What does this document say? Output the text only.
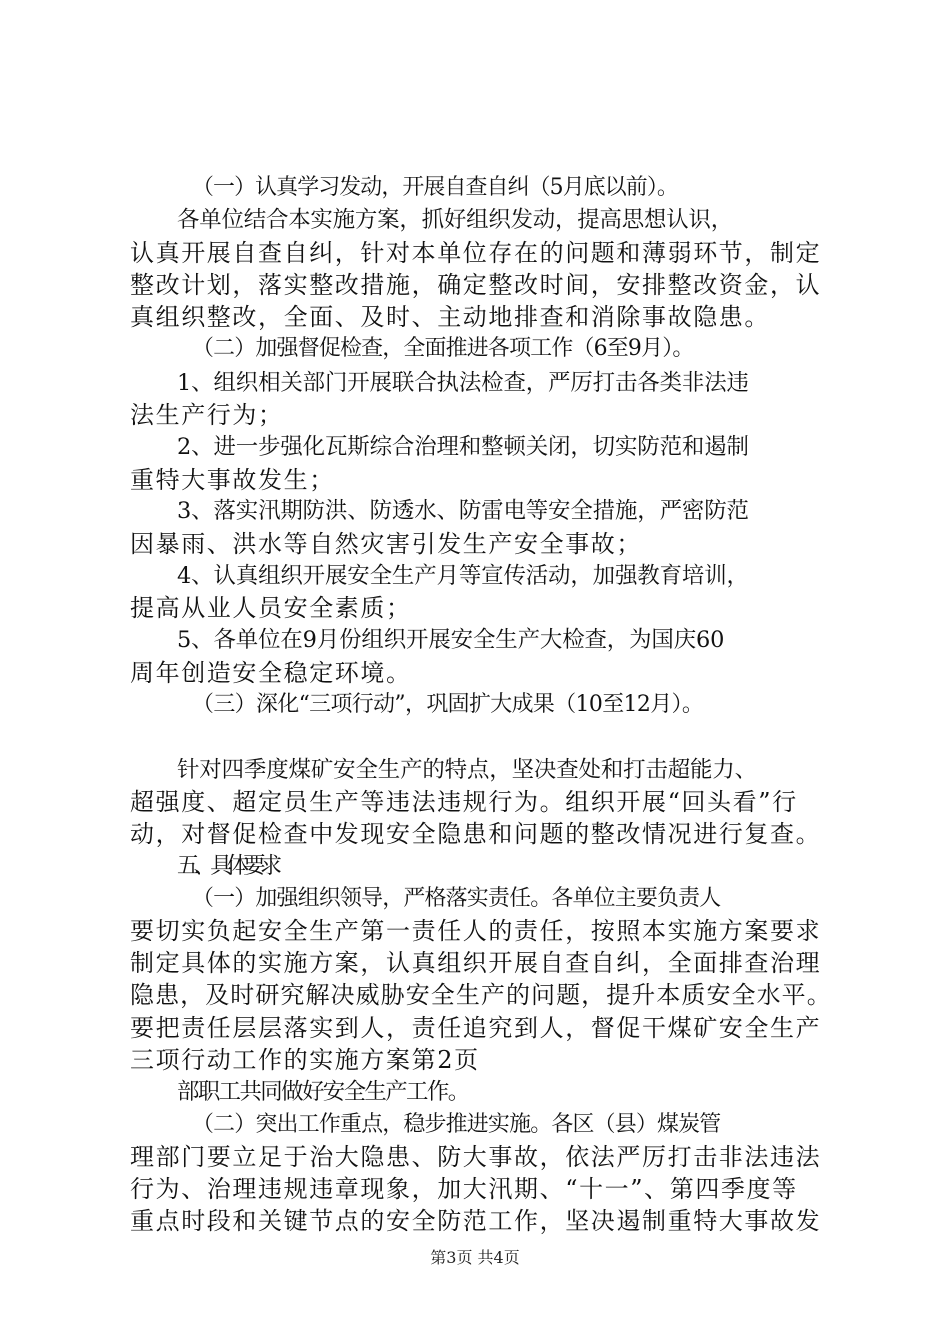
（一）认真学习发动，开展自查自纠（5月底以前）。
各单位结合本实施方案，抓好组织发动，提高思想认识，
认真开展自查自纠，针对本单位存在的问题和薄弱环节，制定
整改计划，落实整改措施，确定整改时间，安排整改资金，认
真组织整改，全面、及时、主动地排查和消除事故隐患。
（二）加强督促检查，全面推进各项工作（6至9月）。
1、组织相关部门开展联合执法检查，严厉打击各类非法违
法生产行为；
2、进一步强化瓦斯综合治理和整顿关闭，切实防范和遏制
重特大事故发生；
3、落实汛期防洪、防透水、防雷电等安全措施，严密防范
因暴雨、洪水等自然灾害引发生产安全事故；
4、认真组织开展安全生产月等宣传活动，加强教育培训，
提高从业人员安全素质；
5、各单位在9月份组织开展安全生产大检查，为国庆60
周年创造安全稳定环境。
（三）深化“三项行动”，巩固扩大成果（10至12月）。
针对四季度煤矿安全生产的特点，坚决查处和打击超能力、
超强度、超定员生产等违法违规行为。组织开展“回头看”行
动，对督促检查中发现安全隐患和问题的整改情况进行复查。
五、具体要求
（一）加强组织领导，严格落实责任。各单位主要负责人
要切实负起安全生产第一责任人的责任，按照本实施方案要求
制定具体的实施方案，认真组织开展自查自纠，全面排查治理
隐患，及时研究解决威胁安全生产的问题，提升本质安全水平。
要把责任层层落实到人，责任追究到人，督促干煤矿安全生产
三项行动工作的实施方案第2页
部职工共同做好安全生产工作。
（二）突出工作重点，稳步推进实施。各区（县）煤炭管
理部门要立足于治大隐患、防大事故，依法严厉打击非法违法
行为、治理违规违章现象，加大汛期、“十一”、第四季度等
重点时段和关键节点的安全防范工作，坚决遏制重特大事故发
第3页 共4页
